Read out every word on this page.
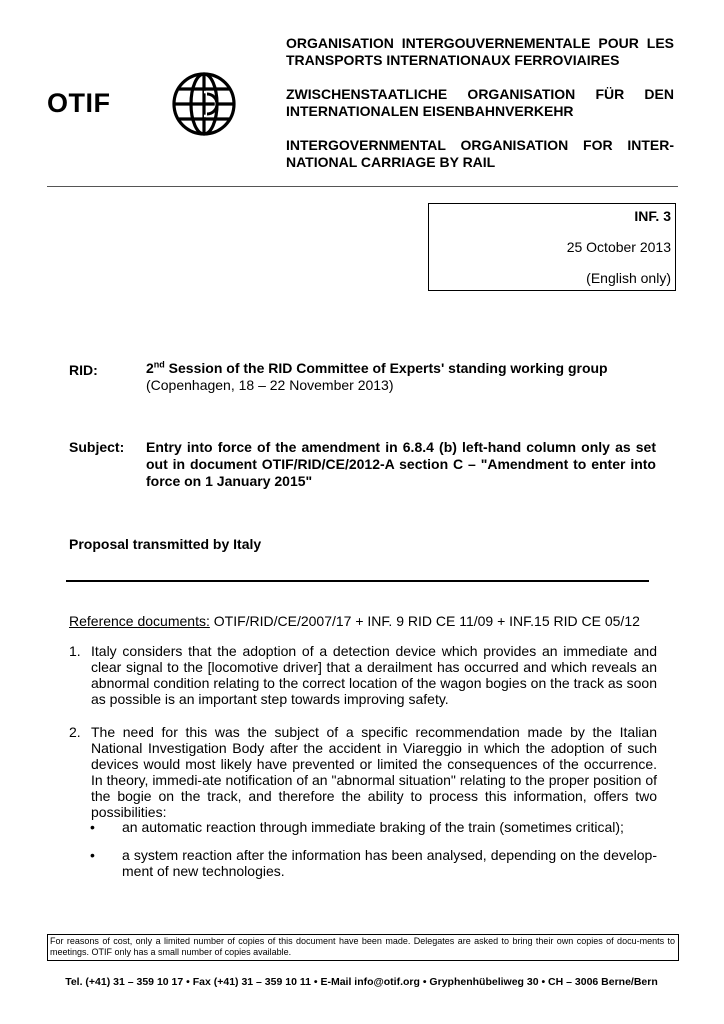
OTIF
ORGANISATION INTERGOUVERNEMENTALE POUR LES TRANSPORTS INTERNATIONAUX FERROVIAIRES
ZWISCHENSTAATLICHE ORGANISATION FÜR DEN INTERNATIONALEN EISENBAHNVERKEHR
INTERGOVERNMENTAL ORGANISATION FOR INTER-NATIONAL CARRIAGE BY RAIL
INF. 3
25 October 2013
(English only)
RID:	2nd Session of the RID Committee of Experts' standing working group
(Copenhagen, 18 – 22 November 2013)
Subject: Entry into force of the amendment in 6.8.4 (b) left-hand column only as set out in document OTIF/RID/CE/2012-A section C – "Amendment to enter into force on 1 January 2015"
Proposal transmitted by Italy
Reference documents: OTIF/RID/CE/2007/17 + INF. 9 RID CE 11/09 + INF.15 RID CE 05/12
1. Italy considers that the adoption of a detection device which provides an immediate and clear signal to the [locomotive driver] that a derailment has occurred and which reveals an abnormal condition relating to the correct location of the wagon bogies on the track as soon as possible is an important step towards improving safety.
2. The need for this was the subject of a specific recommendation made by the Italian National Investigation Body after the accident in Viareggio in which the adoption of such devices would most likely have prevented or limited the consequences of the occurrence. In theory, immedi-ate notification of an "abnormal situation" relating to the proper position of the bogie on the track, and therefore the ability to process this information, offers two possibilities:
• an automatic reaction through immediate braking of the train (sometimes critical);
• a system reaction after the information has been analysed, depending on the develop-ment of new technologies.
For reasons of cost, only a limited number of copies of this document have been made. Delegates are asked to bring their own copies of docu-ments to meetings. OTIF only has a small number of copies available.
Tel. (+41) 31 – 359 10 17 • Fax (+41) 31 – 359 10 11 • E-Mail info@otif.org • Gryphenhübeliweg 30 • CH – 3006 Berne/Bern
